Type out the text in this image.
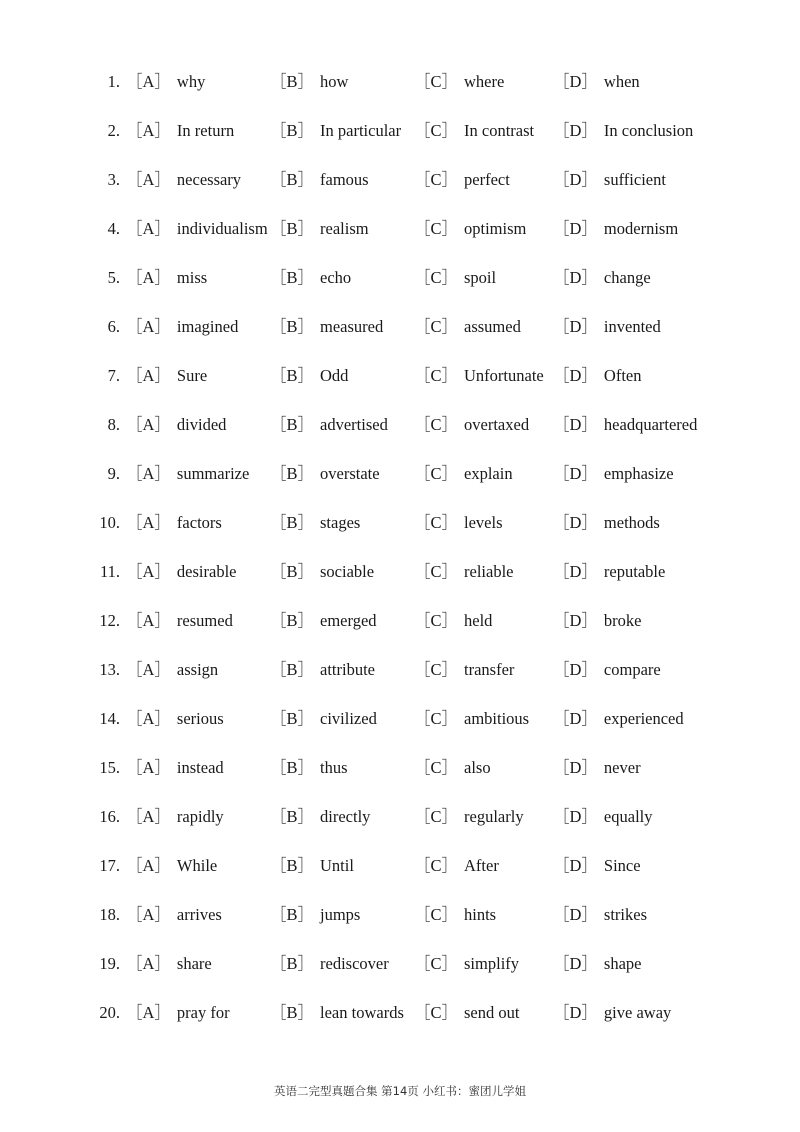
1. ［A］ why	［B］ how	［C］ where	［D］ when
2. ［A］ In return ［B］ In particular ［C］ In contrast ［D］ In conclusion
3. ［A］ necessary ［B］ famous	［C］ perfect	［D］ sufficient
4. ［A］ individualism ［B］ realism	［C］ optimism ［D］ modernism
5. ［A］ miss	［B］ echo	［C］ spoil	［D］ change
6. ［A］ imagined ［B］ measured ［C］ assumed ［D］ invented
7. ［A］ Sure	［B］ Odd	［C］ Unfortunate ［D］ Often
8. ［A］ divided	［B］ advertised ［C］ overtaxed ［D］ headquartered
9. ［A］ summarize ［B］ overstate ［C］ explain ［D］ emphasize
10. ［A］ factors	［B］ stages	［C］ levels	［D］ methods
11. ［A］ desirable ［B］ sociable ［C］ reliable ［D］ reputable
12. ［A］ resumed ［B］ emerged ［C］ held	［D］ broke
13. ［A］ assign	［B］ attribute ［C］ transfer ［D］ compare
14. ［A］ serious	［B］ civilized ［C］ ambitious ［D］ experienced
15. ［A］ instead	［B］ thus	［C］ also	［D］ never
16. ［A］ rapidly	［B］ directly	［C］ regularly ［D］ equally
17. ［A］ While	［B］ Until	［C］ After	［D］ Since
18. ［A］ arrives	［B］ jumps	［C］ hints	［D］ strikes
19. ［A］ share	［B］ rediscover ［C］ simplify ［D］ shape
20. ［A］ pray for ［B］ lean towards ［C］ send out ［D］ give away
英语二完型真题合集 第14页 小红书：蜜团儿学姐
